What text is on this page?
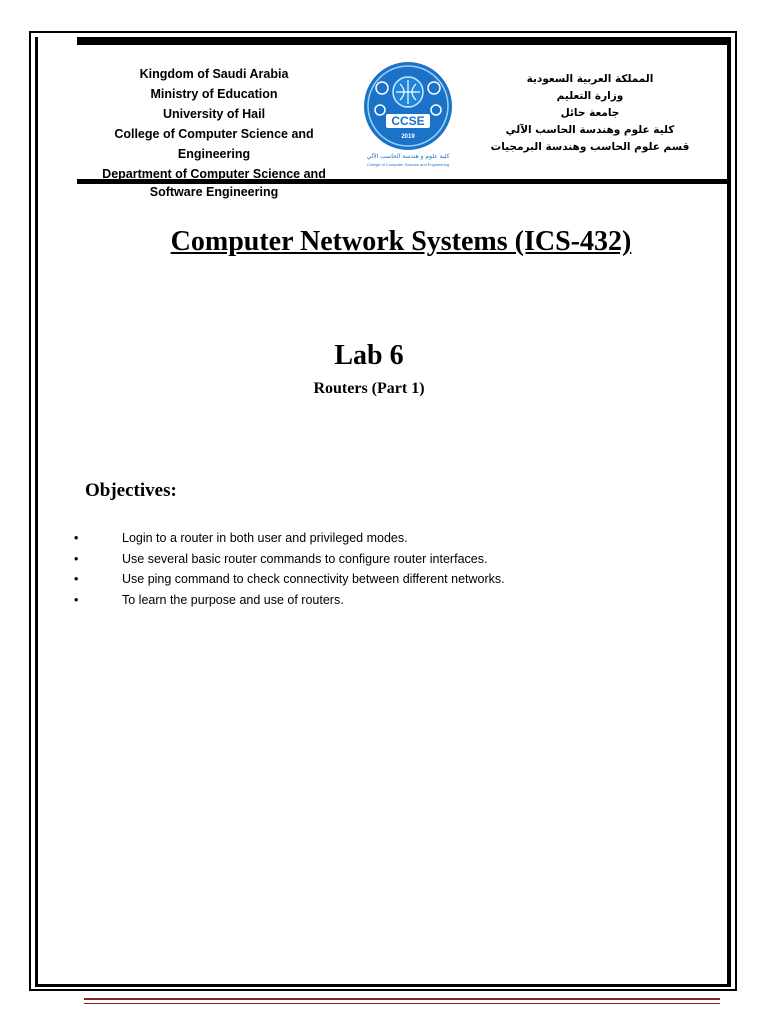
Kingdom of Saudi Arabia
Ministry of Education
University of Hail
College of Computer Science and Engineering
Department of Computer Science and
Software Engineering
CCSE
2019
كلية علوم و هندسة الحاسب الآلي
College of Computer Science and Engineering
المملكة العربية السعودية
وزارة التعليم
جامعة حائل
كلية علوم وهندسة الحاسب الآلي
قسم علوم الحاسب وهندسة البرمجيات
Computer Network Systems (ICS-432)
Lab 6
Routers (Part 1)
Objectives:
•	Login to a router in both user and privileged modes.
•	Use several basic router commands to configure router interfaces.
•	Use ping command to check connectivity between different networks.
•	To learn the purpose and use of routers.
